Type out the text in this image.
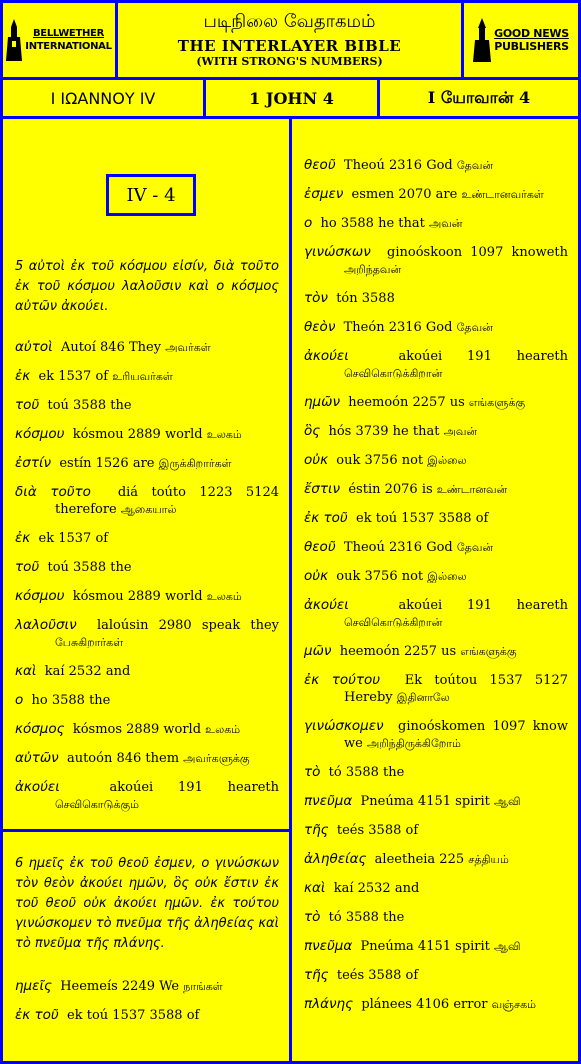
BELLWETHER
INTERNATIONAL
படிநிலை வேதாகமம்
THE INTERLAYER BIBLE
(WITH STRONG'S NUMBERS)
GOOD NEWS
PUBLISHERS
I ΙΩΑΝΝΟΥ IV	1 JOHN 4	I யோவான் 4
5 αὐτοὶ ἐκ τοῦ κόσμου εἰσίν, διὰ τοῦτο ἐκ τοῦ κόσμου λαλοῦσιν καὶ ο κόσμος αὐτῶν ἀκούει.
αὐτοὶ Autoí 846 They அவர்கள்
ἐκ ek 1537 of உரியவர்கள்
τοῦ toú 3588 the
κόσμου kósmou 2889 world உலகம்
ἐστίν estín 1526 are இருக்கிறார்கள்
διὰ τοῦτο diá toúto 1223 5124 therefore ஆகையால்
ἐκ ek 1537 of
τοῦ toú 3588 the
κόσμου kósmou 2889 world உலகம்
λαλοῦσιν laloúsin 2980 speak they பேசுகிறார்கள்
καὶ kaí 2532 and
ο ho 3588 the
κόσμος kósmos 2889 world உலகம்
αὐτῶν autoón 846 them அவர்களுக்கு
ἀκούει	akoúei 191 heareth செவிகொடுக்கும்
IV - 4
6 ημεῖς ἐκ τοῦ θεοῦ ἐσμεν, ο γινώσκων τὸν θεὸν ἀκούει ημῶν, ὃς οὐκ ἔστιν ἐκ τοῦ θεοῦ οὐκ ἀκούει ημῶν. ἐκ τούτου γινώσκομεν τὸ πνεῦμα τῆς ἀληθείας καὶ τὸ πνεῦμα τῆς πλάνης.
ημεῖς Heemeís 2249 We நாங்கள்
ἐκ τοῦ ek toú 1537 3588 of
θεοῦ Theoú 2316 God தேவன்
ἐσμεν esmen 2070 are உண்டானவர்கள்
ο ho 3588 he that அவன்
γινώσκων ginoóskoon 1097 knoweth அறிந்தவன்
τὸν tón 3588
θεὸν Theón 2316 God தேவன்
ἀκούει	akoúei 191 heareth செவிகொடுக்கிறான்
ημῶν heemoón 2257 us எங்களுக்கு
ὃς hós 3739 he that அவன்
οὐκ ouk 3756 not இல்லை
ἔστιν éstin 2076 is உண்டானவன்
ἐκ τοῦ ek toú 1537 3588 of
θεοῦ Theoú 2316 God தேவன்
οὐκ ouk 3756 not இல்லை
ἀκούει	akoúei 191 heareth செவிகொடுக்கிறான்
μῶν heemoón 2257 us எங்களுக்கு
ἐκ τούτου Ek toútou 1537 5127 Hereby இதினாலே
γινώσκομεν ginoóskomen 1097 know we அறிந்திருக்கிறோம்
τὸ tó 3588 the
πνεῦμα Pneúma 4151 spirit ஆவி
τῆς teés 3588 of
ἀληθείας aleetheia 225 சத்தியம்
καὶ kaí 2532 and
τὸ tó 3588 the
πνεῦμα Pneúma 4151 spirit ஆவி
τῆς teés 3588 of
πλάνης plánees 4106 error வஞ்சகம்
